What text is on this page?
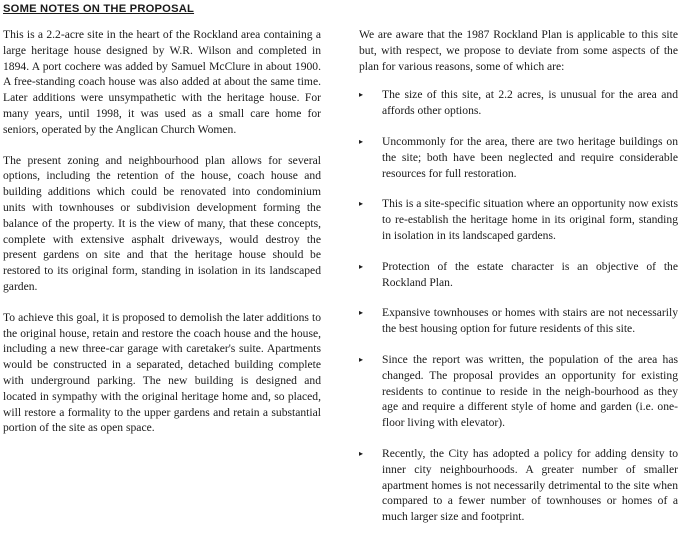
SOME NOTES ON THE PROPOSAL

This is a 2.2-acre site in the heart of the Rockland area containing a large heritage house designed by W.R. Wilson and completed in 1894. A port cochere was added by Samuel McClure in about 1900. A free-standing coach house was also added at about the same time. Later additions were unsympathetic with the heritage house. For many years, until 1998, it was used as a small care home for seniors, operated by the Anglican Church Women.

The present zoning and neighbourhood plan allows for several options, including the retention of the house, coach house and building additions which could be renovated into condominium units with townhouses or subdivision development forming the balance of the property. It is the view of many, that these concepts, complete with extensive asphalt driveways, would destroy the present gardens on site and that the heritage house should be restored to its original form, standing in isolation in its landscaped garden.

To achieve this goal, it is proposed to demolish the later additions to the original house, retain and restore the coach house and the house, including a new three-car garage with caretaker's suite. Apartments would be constructed in a separated, detached building complete with underground parking. The new building is designed and located in sympathy with the original heritage home and, so placed, will restore a formality to the upper gardens and retain a substantial portion of the site as open space.

We are aware that the 1987 Rockland Plan is applicable to this site but, with respect, we propose to deviate from some aspects of the plan for various reasons, some of which are:

▸ The size of this site, at 2.2 acres, is unusual for the area and affords other options.
▸ Uncommonly for the area, there are two heritage buildings on the site; both have been neglected and require considerable resources for full restoration.
▸ This is a site-specific situation where an opportunity now exists to re-establish the heritage home in its original form, standing in isolation in its landscaped gardens.
▸ Protection of the estate character is an objective of the Rockland Plan.
▸ Expansive townhouses or homes with stairs are not necessarily the best housing option for future residents of this site.
▸ Since the report was written, the population of the area has changed. The proposal provides an opportunity for existing residents to continue to reside in the neigh-bourhood as they age and require a different style of home and garden (i.e. one-floor living with elevator).
▸ Recently, the City has adopted a policy for adding density to inner city neighbourhoods. A greater number of smaller apartment homes is not necessarily detrimental to the site when compared to a fewer number of townhouses or homes of a much larger size and footprint.
